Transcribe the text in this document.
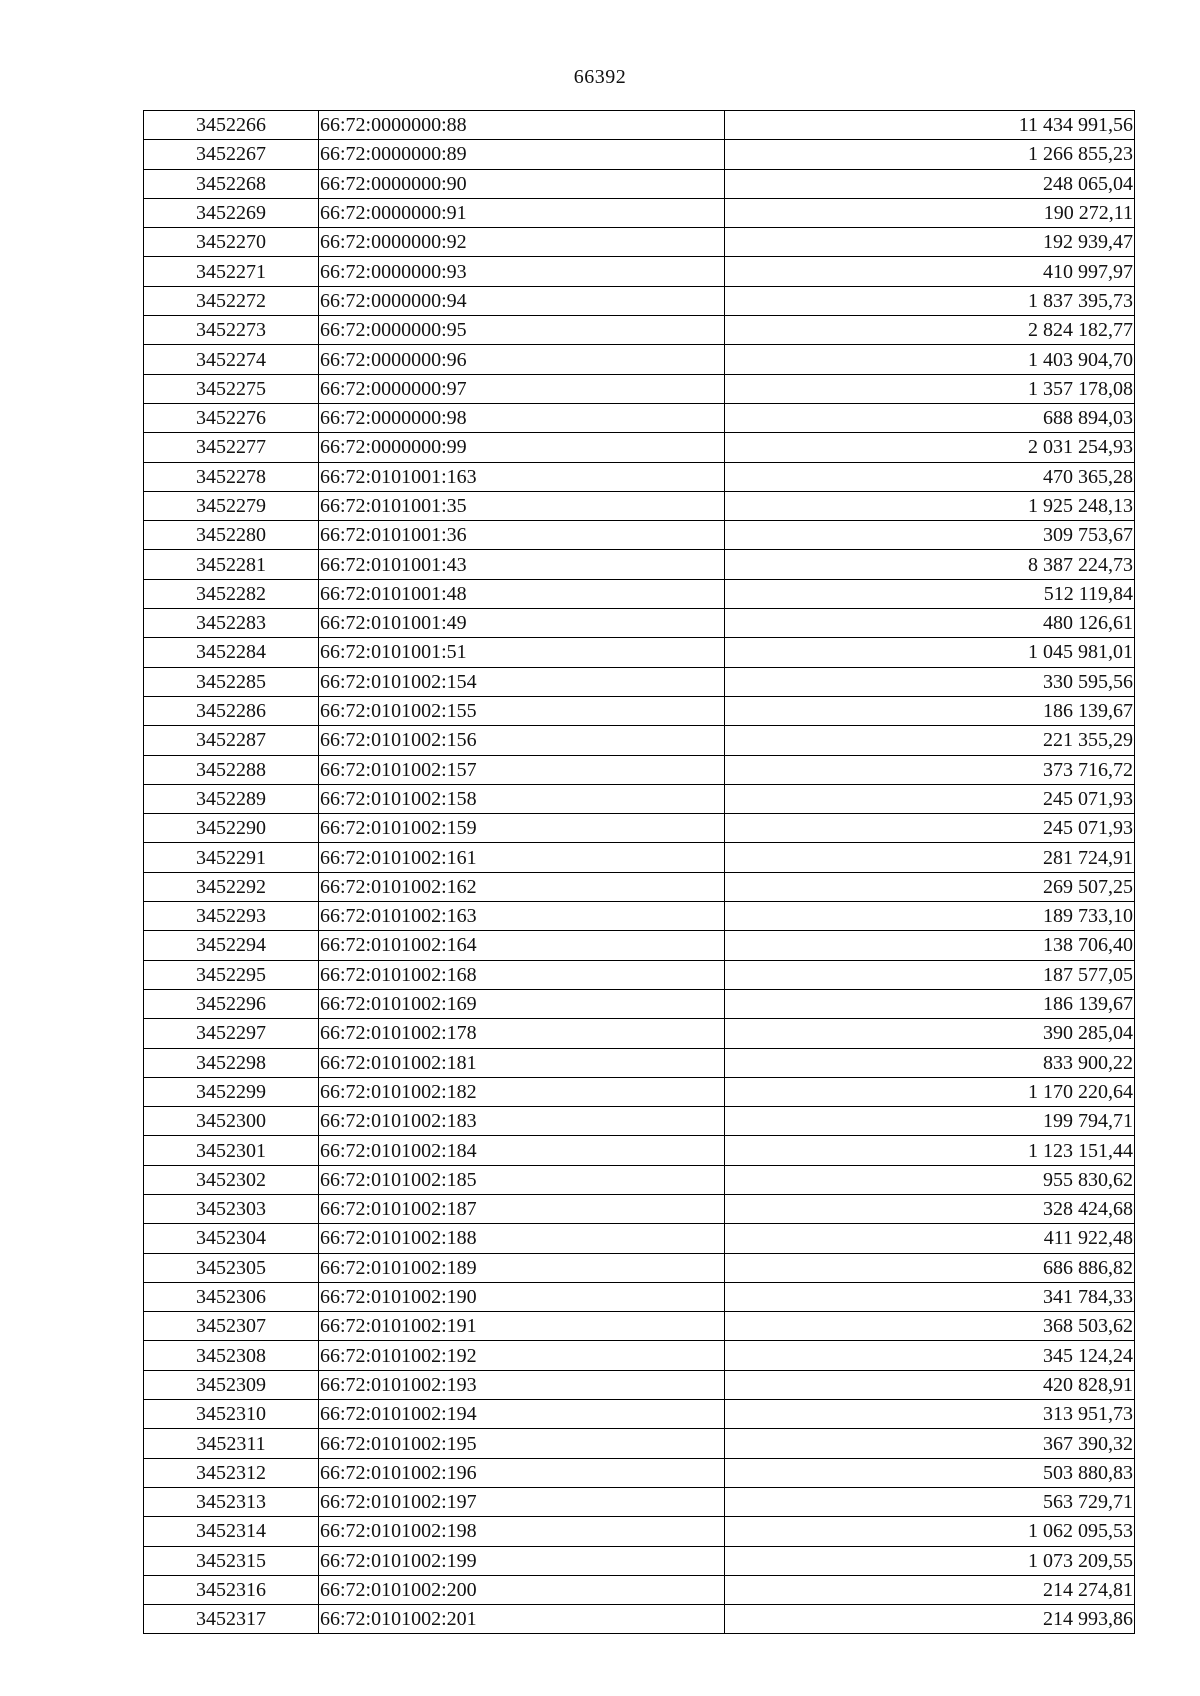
66392
3452266	66:72:0000000:88	11 434 991,56
3452267	66:72:0000000:89	1 266 855,23
3452268	66:72:0000000:90	248 065,04
3452269	66:72:0000000:91	190 272,11
3452270	66:72:0000000:92	192 939,47
3452271	66:72:0000000:93	410 997,97
3452272	66:72:0000000:94	1 837 395,73
3452273	66:72:0000000:95	2 824 182,77
3452274	66:72:0000000:96	1 403 904,70
3452275	66:72:0000000:97	1 357 178,08
3452276	66:72:0000000:98	688 894,03
3452277	66:72:0000000:99	2 031 254,93
3452278	66:72:0101001:163	470 365,28
3452279	66:72:0101001:35	1 925 248,13
3452280	66:72:0101001:36	309 753,67
3452281	66:72:0101001:43	8 387 224,73
3452282	66:72:0101001:48	512 119,84
3452283	66:72:0101001:49	480 126,61
3452284	66:72:0101001:51	1 045 981,01
3452285	66:72:0101002:154	330 595,56
3452286	66:72:0101002:155	186 139,67
3452287	66:72:0101002:156	221 355,29
3452288	66:72:0101002:157	373 716,72
3452289	66:72:0101002:158	245 071,93
3452290	66:72:0101002:159	245 071,93
3452291	66:72:0101002:161	281 724,91
3452292	66:72:0101002:162	269 507,25
3452293	66:72:0101002:163	189 733,10
3452294	66:72:0101002:164	138 706,40
3452295	66:72:0101002:168	187 577,05
3452296	66:72:0101002:169	186 139,67
3452297	66:72:0101002:178	390 285,04
3452298	66:72:0101002:181	833 900,22
3452299	66:72:0101002:182	1 170 220,64
3452300	66:72:0101002:183	199 794,71
3452301	66:72:0101002:184	1 123 151,44
3452302	66:72:0101002:185	955 830,62
3452303	66:72:0101002:187	328 424,68
3452304	66:72:0101002:188	411 922,48
3452305	66:72:0101002:189	686 886,82
3452306	66:72:0101002:190	341 784,33
3452307	66:72:0101002:191	368 503,62
3452308	66:72:0101002:192	345 124,24
3452309	66:72:0101002:193	420 828,91
3452310	66:72:0101002:194	313 951,73
3452311	66:72:0101002:195	367 390,32
3452312	66:72:0101002:196	503 880,83
3452313	66:72:0101002:197	563 729,71
3452314	66:72:0101002:198	1 062 095,53
3452315	66:72:0101002:199	1 073 209,55
3452316	66:72:0101002:200	214 274,81
3452317	66:72:0101002:201	214 993,86
